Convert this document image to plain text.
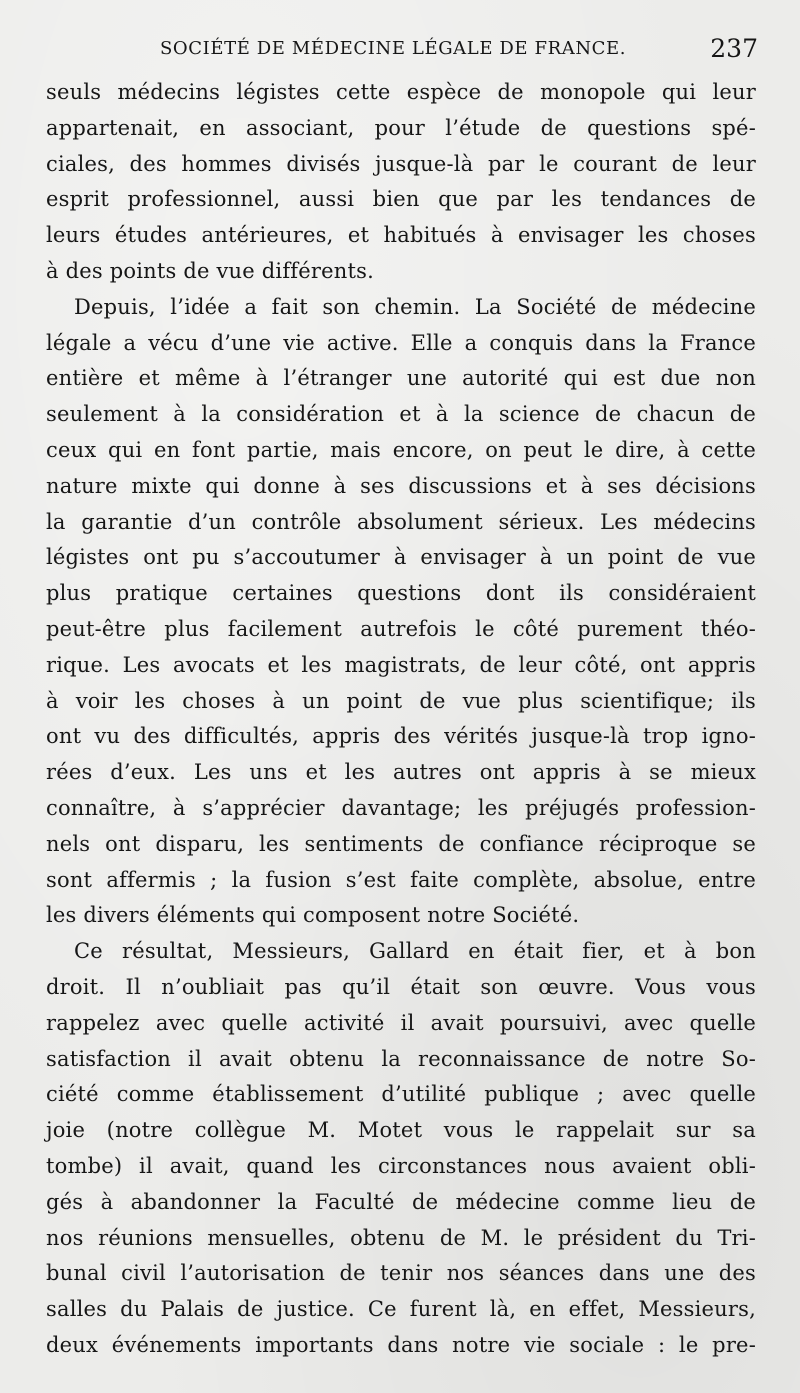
SOCIÉTÉ DE MÉDECINE LÉGALE DE FRANCE.	237
seuls médecins légistes cette espèce de monopole qui leur
appartenait, en associant, pour l’étude de questions spé-
ciales, des hommes divisés jusque-là par le courant de leur
esprit professionnel, aussi bien que par les tendances de
leurs études antérieures, et habitués à envisager les choses
à des points de vue différents.
Depuis, l’idée a fait son chemin. La Société de médecine
légale a vécu d’une vie active. Elle a conquis dans la France
entière et même à l’étranger une autorité qui est due non
seulement à la considération et à la science de chacun de
ceux qui en font partie, mais encore, on peut le dire, à cette
nature mixte qui donne à ses discussions et à ses décisions
la garantie d’un contrôle absolument sérieux. Les médecins
légistes ont pu s’accoutumer à envisager à un point de vue
plus pratique certaines questions dont ils considéraient
peut-être plus facilement autrefois le côté purement théo-
rique. Les avocats et les magistrats, de leur côté, ont appris
à voir les choses à un point de vue plus scientifique; ils
ont vu des difficultés, appris des vérités jusque-là trop igno-
rées d’eux. Les uns et les autres ont appris à se mieux
connaître, à s’apprécier davantage; les préjugés profession-
nels ont disparu, les sentiments de confiance réciproque se
sont affermis ; la fusion s’est faite complète, absolue, entre
les divers éléments qui composent notre Société.
Ce résultat, Messieurs, Gallard en était fier, et à bon
droit. Il n’oubliait pas qu’il était son œuvre. Vous vous
rappelez avec quelle activité il avait poursuivi, avec quelle
satisfaction il avait obtenu la reconnaissance de notre So-
ciété comme établissement d’utilité publique ; avec quelle
joie (notre collègue M. Motet vous le rappelait sur sa
tombe) il avait, quand les circonstances nous avaient obli-
gés à abandonner la Faculté de médecine comme lieu de
nos réunions mensuelles, obtenu de M. le président du Tri-
bunal civil l’autorisation de tenir nos séances dans une des
salles du Palais de justice. Ce furent là, en effet, Messieurs,
deux événements importants dans notre vie sociale : le pre-
